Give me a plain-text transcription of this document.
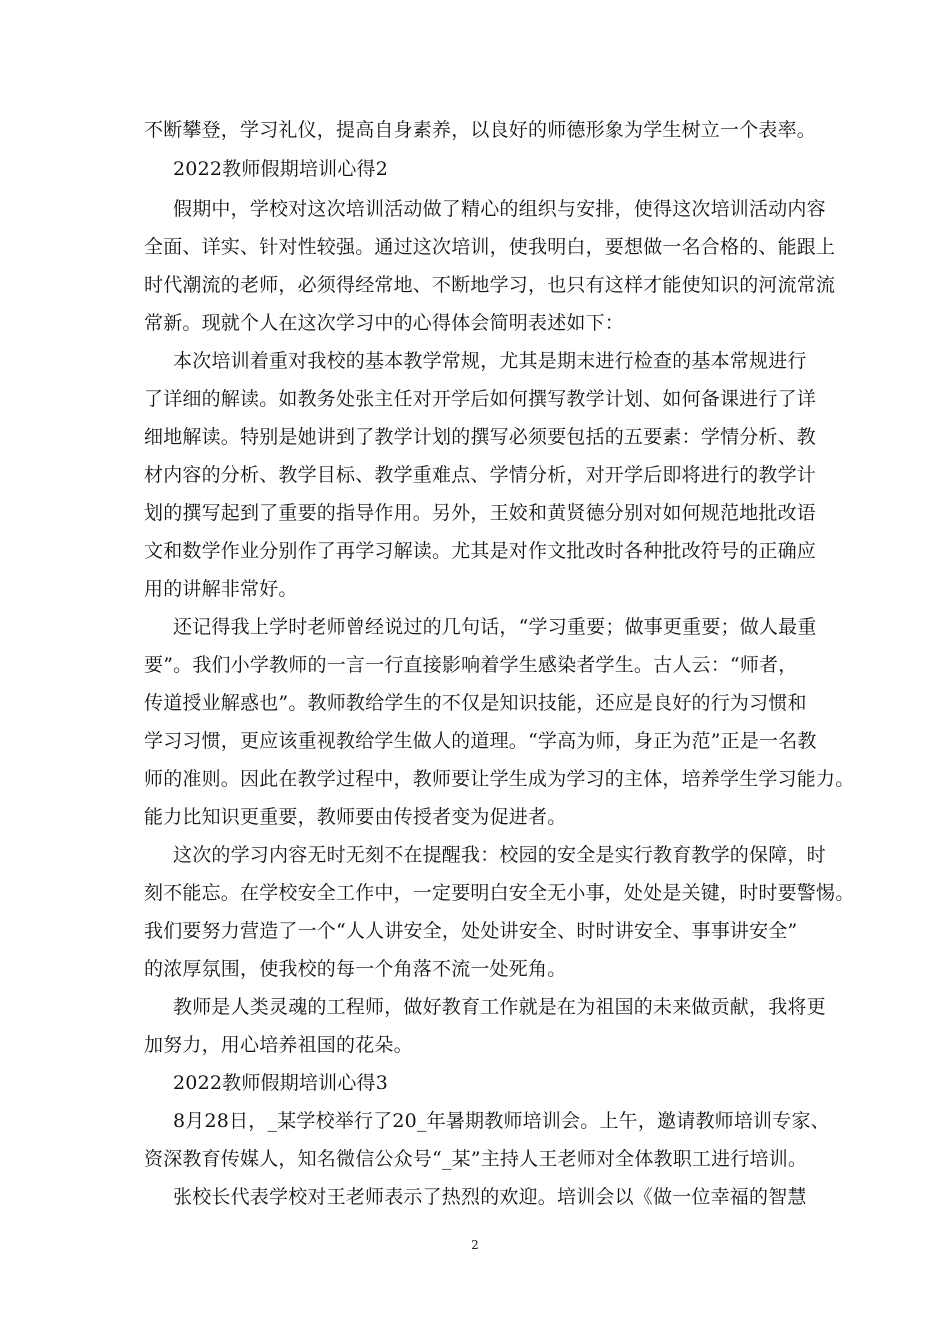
不断攀登，学习礼仪，提高自身素养，以良好的师德形象为学生树立一个表率。
2022教师假期培训心得2
假期中，学校对这次培训活动做了精心的组织与安排，使得这次培训活动内容
全面、详实、针对性较强。通过这次培训，使我明白，要想做一名合格的、能跟上
时代潮流的老师，必须得经常地、不断地学习，也只有这样才能使知识的河流常流
常新。现就个人在这次学习中的心得体会简明表述如下：
本次培训着重对我校的基本教学常规，尤其是期末进行检查的基本常规进行
了详细的解读。如教务处张主任对开学后如何撰写教学计划、如何备课进行了详
细地解读。特别是她讲到了教学计划的撰写必须要包括的五要素：学情分析、教
材内容的分析、教学目标、教学重难点、学情分析，对开学后即将进行的教学计
划的撰写起到了重要的指导作用。另外，王姣和黄贤德分别对如何规范地批改语
文和数学作业分别作了再学习解读。尤其是对作文批改时各种批改符号的正确应
用的讲解非常好。
还记得我上学时老师曾经说过的几句话，“学习重要；做事更重要；做人最重
要”。我们小学教师的一言一行直接影响着学生感染者学生。古人云：“师者，
传道授业解惑也”。教师教给学生的不仅是知识技能，还应是良好的行为习惯和
学习习惯，更应该重视教给学生做人的道理。“学高为师，身正为范”正是一名教
师的准则。因此在教学过程中，教师要让学生成为学习的主体，培养学生学习能力。
能力比知识更重要，教师要由传授者变为促进者。
这次的学习内容无时无刻不在提醒我：校园的安全是实行教育教学的保障，时
刻不能忘。在学校安全工作中，一定要明白安全无小事，处处是关键，时时要警惕。
我们要努力营造了一个“人人讲安全，处处讲安全、时时讲安全、事事讲安全”
的浓厚氛围，使我校的每一个角落不流一处死角。
教师是人类灵魂的工程师，做好教育工作就是在为祖国的未来做贡献，我将更
加努力，用心培养祖国的花朵。
2022教师假期培训心得3
8月28日，_某学校举行了20_年暑期教师培训会。上午，邀请教师培训专家、
资深教育传媒人，知名微信公众号“_某”主持人王老师对全体教职工进行培训。
张校长代表学校对王老师表示了热烈的欢迎。培训会以《做一位幸福的智慧
2
